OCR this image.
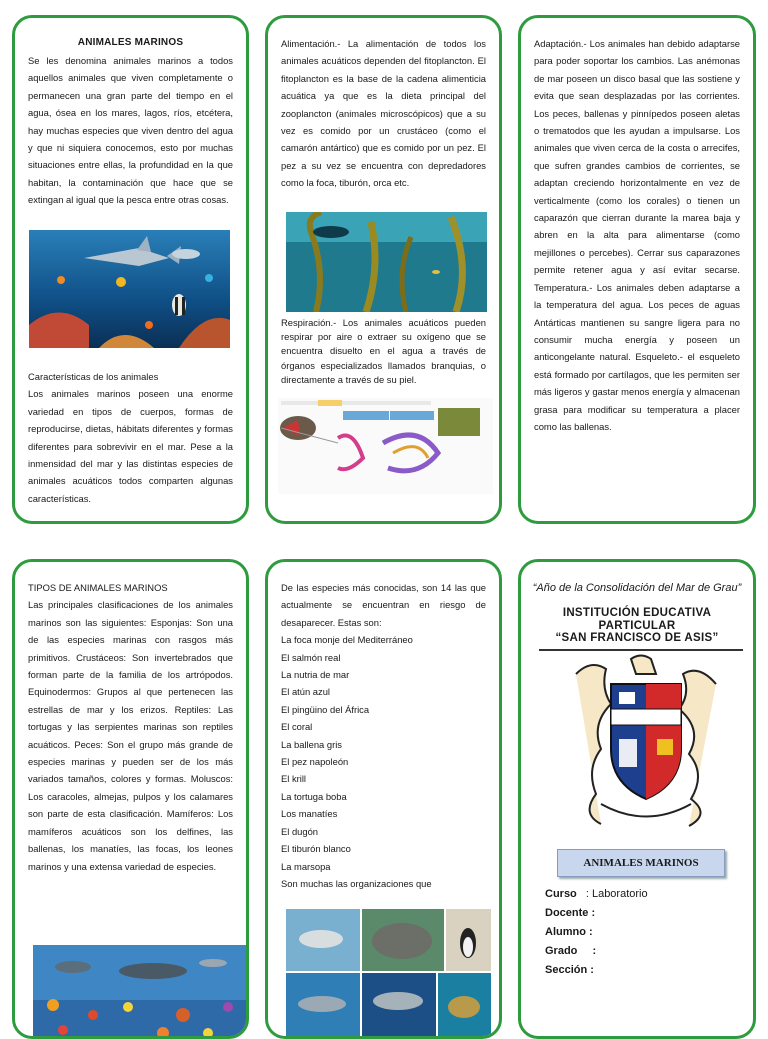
ANIMALES MARINOS

Se les denomina animales marinos a todos aquellos animales que viven completamente o permanecen una gran parte del tiempo en el agua, ósea en los mares, lagos, ríos, etcétera, hay muchas especies que viven dentro del agua y que ni siquiera conocemos, esto por muchas situaciones entre ellas, la profundidad en la que habitan, la contaminación que hace que se extingan al igual que la pesca entre otras cosas.

Características de los animales

Los animales marinos poseen una enorme variedad en tipos de cuerpos, formas de reproducirse, dietas, hábitats diferentes y formas diferentes para sobrevivir en el mar. Pese a la inmensidad del mar y las distintas especies de animales acuáticos todos comparten algunas características.

Alimentación.- La alimentación de todos los animales acuáticos dependen del fitoplancton. El fitoplancton es la base de la cadena alimenticia acuática ya que es la dieta principal del zooplancton (animales microscópicos) que a su vez es comido por un crustáceo (como el camarón antártico) que es comido por un pez. El pez a su vez se encuentra con depredadores como la foca, tiburón, orca etc.

Respiración.- Los animales acuáticos pueden respirar por aire o extraer su oxígeno que se encuentra disuelto en el agua a través de órganos especializados llamados branquias, o directamente a través de su piel.

Adaptación.- Los animales han debido adaptarse para poder soportar los cambios. Las anémonas de mar poseen un disco basal que las sostiene y evita que sean desplazadas por las corrientes. Los peces, ballenas y pinnípedos poseen aletas o trematodos que les ayudan a impulsarse. Los animales que viven cerca de la costa o arrecifes, que sufren grandes cambios de corrientes, se adaptan creciendo horizontalmente en vez de verticalmente (como los corales) o tienen un caparazón que cierran durante la marea baja y abren en la alta para alimentarse (como mejillones o percebes). Cerrar sus caparazones permite retener agua y así evitar secarse. Temperatura.- Los animales deben adaptarse a la temperatura del agua. Los peces de aguas Antárticas mantienen su sangre ligera para no consumir mucha energía y poseen un anticongelante natural. Esqueleto.- el esqueleto está formado por cartílagos, que les permiten ser más ligeros y gastar menos energía y almacenan grasa para modificar su temperatura a placer como las ballenas.

TIPOS DE ANIMALES MARINOS

Las principales clasificaciones de los animales marinos son las siguientes: Esponjas: Son una de las especies marinas con rasgos más primitivos. Crustáceos: Son invertebrados que forman parte de la familia de los artrópodos. Equinodermos: Grupos al que pertenecen las estrellas de mar y los erizos. Reptiles: Las tortugas y las serpientes marinas son reptiles acuáticos. Peces: Son el grupo más grande de especies marinas y pueden ser de los más variados tamaños, colores y formas. Moluscos: Los caracoles, almejas, pulpos y los calamares son parte de esta clasificación. Mamíferos: Los mamíferos acuáticos son los delfines, las ballenas, los manatíes, las focas, los leones marinos y una extensa variedad de especies.

De las especies más conocidas, son 14 las que actualmente se encuentran en riesgo de desaparecer. Estas son:

La foca monje del Mediterráneo
El salmón real
La nutria de mar
El atún azul
El pingüino del África
El coral
La ballena gris
El pez napoleón
El krill
La tortuga boba
Los manatíes
El dugón
El tiburón blanco
La marsopa
Son muchas las organizaciones que
“Año de la Consolidación del Mar de Grau”
INSTITUCIÓN EDUCATIVA
PARTICULAR
“SAN FRANCISCO DE ASIS”
ANIMALES MARINOS
Curso : Laboratorio
Docente :
Alumno :
Grado :
Sección :
